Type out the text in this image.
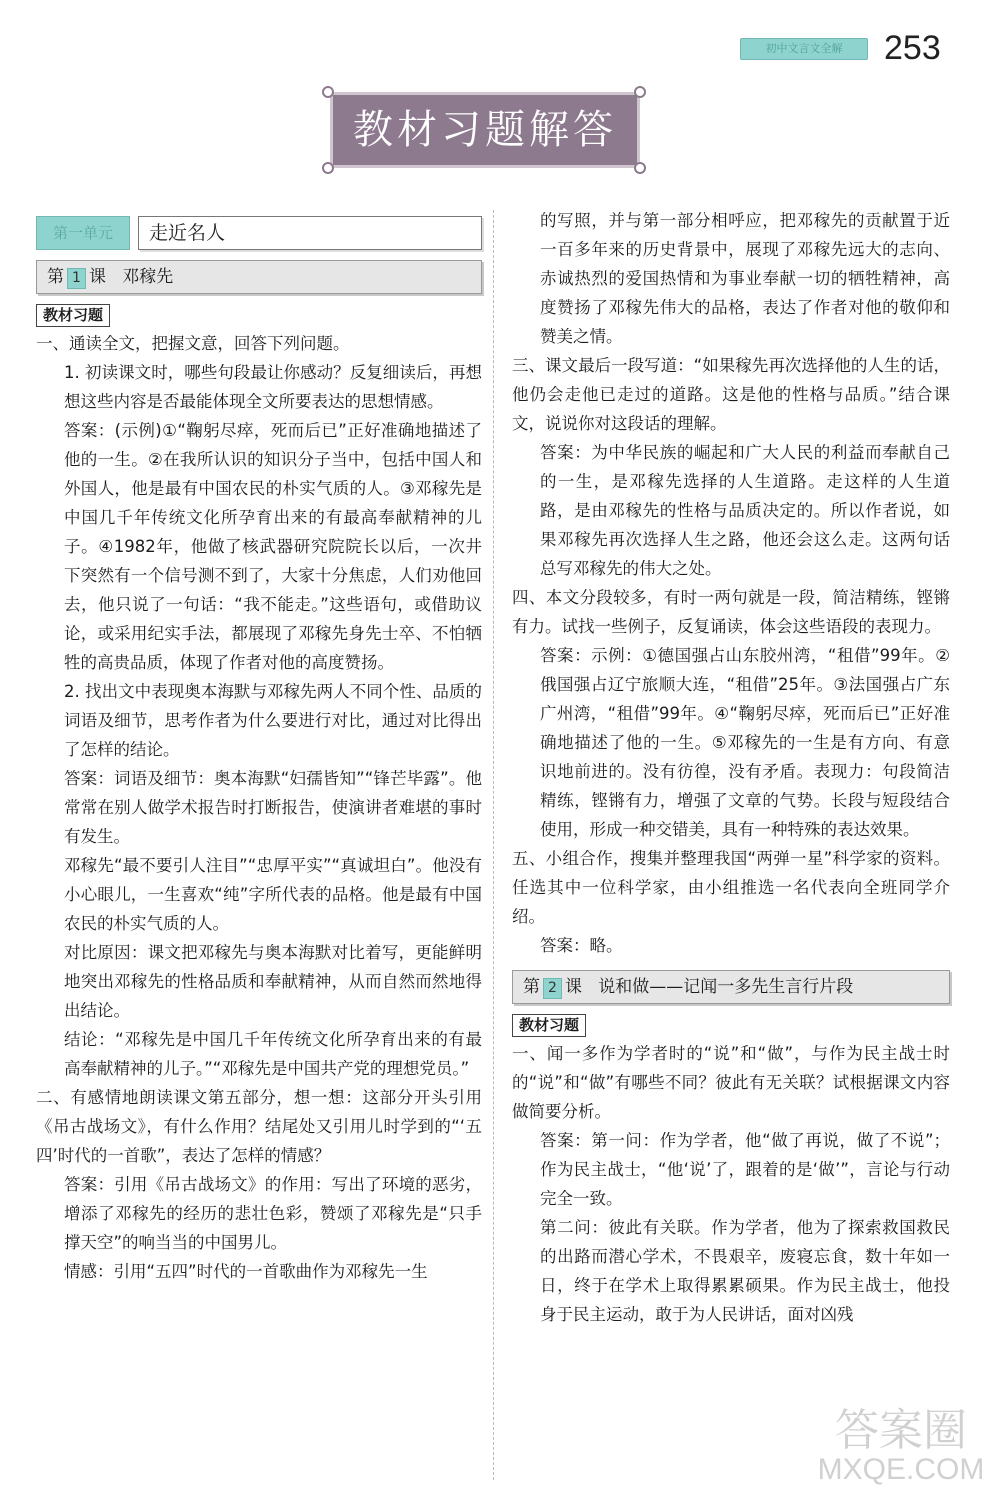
初中文言文全解	253
教材习题解答
第一单元	走近名人
第 1 课 邓稼先
教材习题

一、通读全文，把握文意，回答下列问题。

1. 初读课文时，哪些句段最让你感动？反复细读后，再想想这些内容是否最能体现全文所要表达的思想情感。

答案：(示例)①“鞠躬尽瘁，死而后已”正好准确地描述了他的一生。②在我所认识的知识分子当中，包括中国人和外国人，他是最有中国农民的朴实气质的人。③邓稼先是中国几千年传统文化所孕育出来的有最高奉献精神的儿子。④1982年，他做了核武器研究院院长以后，一次井下突然有一个信号测不到了，大家十分焦虑，人们劝他回去，他只说了一句话：“我不能走。”这些语句，或借助议论，或采用纪实手法，都展现了邓稼先身先士卒、不怕牺牲的高贵品质，体现了作者对他的高度赞扬。

2. 找出文中表现奥本海默与邓稼先两人不同个性、品质的词语及细节，思考作者为什么要进行对比，通过对比得出了怎样的结论。

答案：词语及细节：奥本海默“妇孺皆知”“锋芒毕露”。他常常在别人做学术报告时打断报告，使演讲者难堪的事时有发生。

邓稼先“最不要引人注目”“忠厚平实”“真诚坦白”。他没有小心眼儿，一生喜欢“纯”字所代表的品格。他是最有中国农民的朴实气质的人。

对比原因：课文把邓稼先与奥本海默对比着写，更能鲜明地突出邓稼先的性格品质和奉献精神，从而自然而然地得出结论。

结论：“邓稼先是中国几千年传统文化所孕育出来的有最高奉献精神的儿子。”“邓稼先是中国共产党的理想党员。”

二、有感情地朗读课文第五部分，想一想：这部分开头引用《吊古战场文》，有什么作用？结尾处又引用儿时学到的“‘五四’时代的一首歌”，表达了怎样的情感？

答案：引用《吊古战场文》的作用：写出了环境的恶劣，增添了邓稼先的经历的悲壮色彩，赞颂了邓稼先是“只手撑天空”的响当当的中国男儿。

情感：引用“五四”时代的一首歌曲作为邓稼先一生

的写照，并与第一部分相呼应，把邓稼先的贡献置于近一百多年来的历史背景中，展现了邓稼先远大的志向、赤诚热烈的爱国热情和为事业奉献一切的牺牲精神，高度赞扬了邓稼先伟大的品格，表达了作者对他的敬仰和赞美之情。

三、课文最后一段写道：“如果稼先再次选择他的人生的话，他仍会走他已走过的道路。这是他的性格与品质。”结合课文，说说你对这段话的理解。

答案：为中华民族的崛起和广大人民的利益而奉献自己的一生，是邓稼先选择的人生道路。走这样的人生道路，是由邓稼先的性格与品质决定的。所以作者说，如果邓稼先再次选择人生之路，他还会这么走。这两句话总写邓稼先的伟大之处。

四、本文分段较多，有时一两句就是一段，简洁精练，铿锵有力。试找一些例子，反复诵读，体会这些语段的表现力。

答案：示例：①德国强占山东胶州湾，“租借”99年。②俄国强占辽宁旅顺大连，“租借”25年。③法国强占广东广州湾，“租借”99年。④“鞠躬尽瘁，死而后已”正好准确地描述了他的一生。⑤邓稼先的一生是有方向、有意识地前进的。没有彷徨，没有矛盾。表现力：句段简洁精练，铿锵有力，增强了文章的气势。长段与短段结合使用，形成一种交错美，具有一种特殊的表达效果。

五、小组合作，搜集并整理我国“两弹一星”科学家的资料。任选其中一位科学家，由小组推选一名代表向全班同学介绍。

答案：略。

第 2 课 说和做——记闻一多先生言行片段
教材习题

一、闻一多作为学者时的“说”和“做”，与作为民主战士时的“说”和“做”有哪些不同？彼此有无关联？试根据课文内容做简要分析。

答案：第一问：作为学者，他“做了再说，做了不说”；作为民主战士，“他‘说’了，跟着的是‘做’”，言论与行动完全一致。

第二问：彼此有关联。作为学者，他为了探索救国救民的出路而潜心学术，不畏艰辛，废寝忘食，数十年如一日，终于在学术上取得累累硕果。作为民主战士，他投身于民主运动，敢于为人民讲话，面对凶残

答案圈
MXQE.COM
